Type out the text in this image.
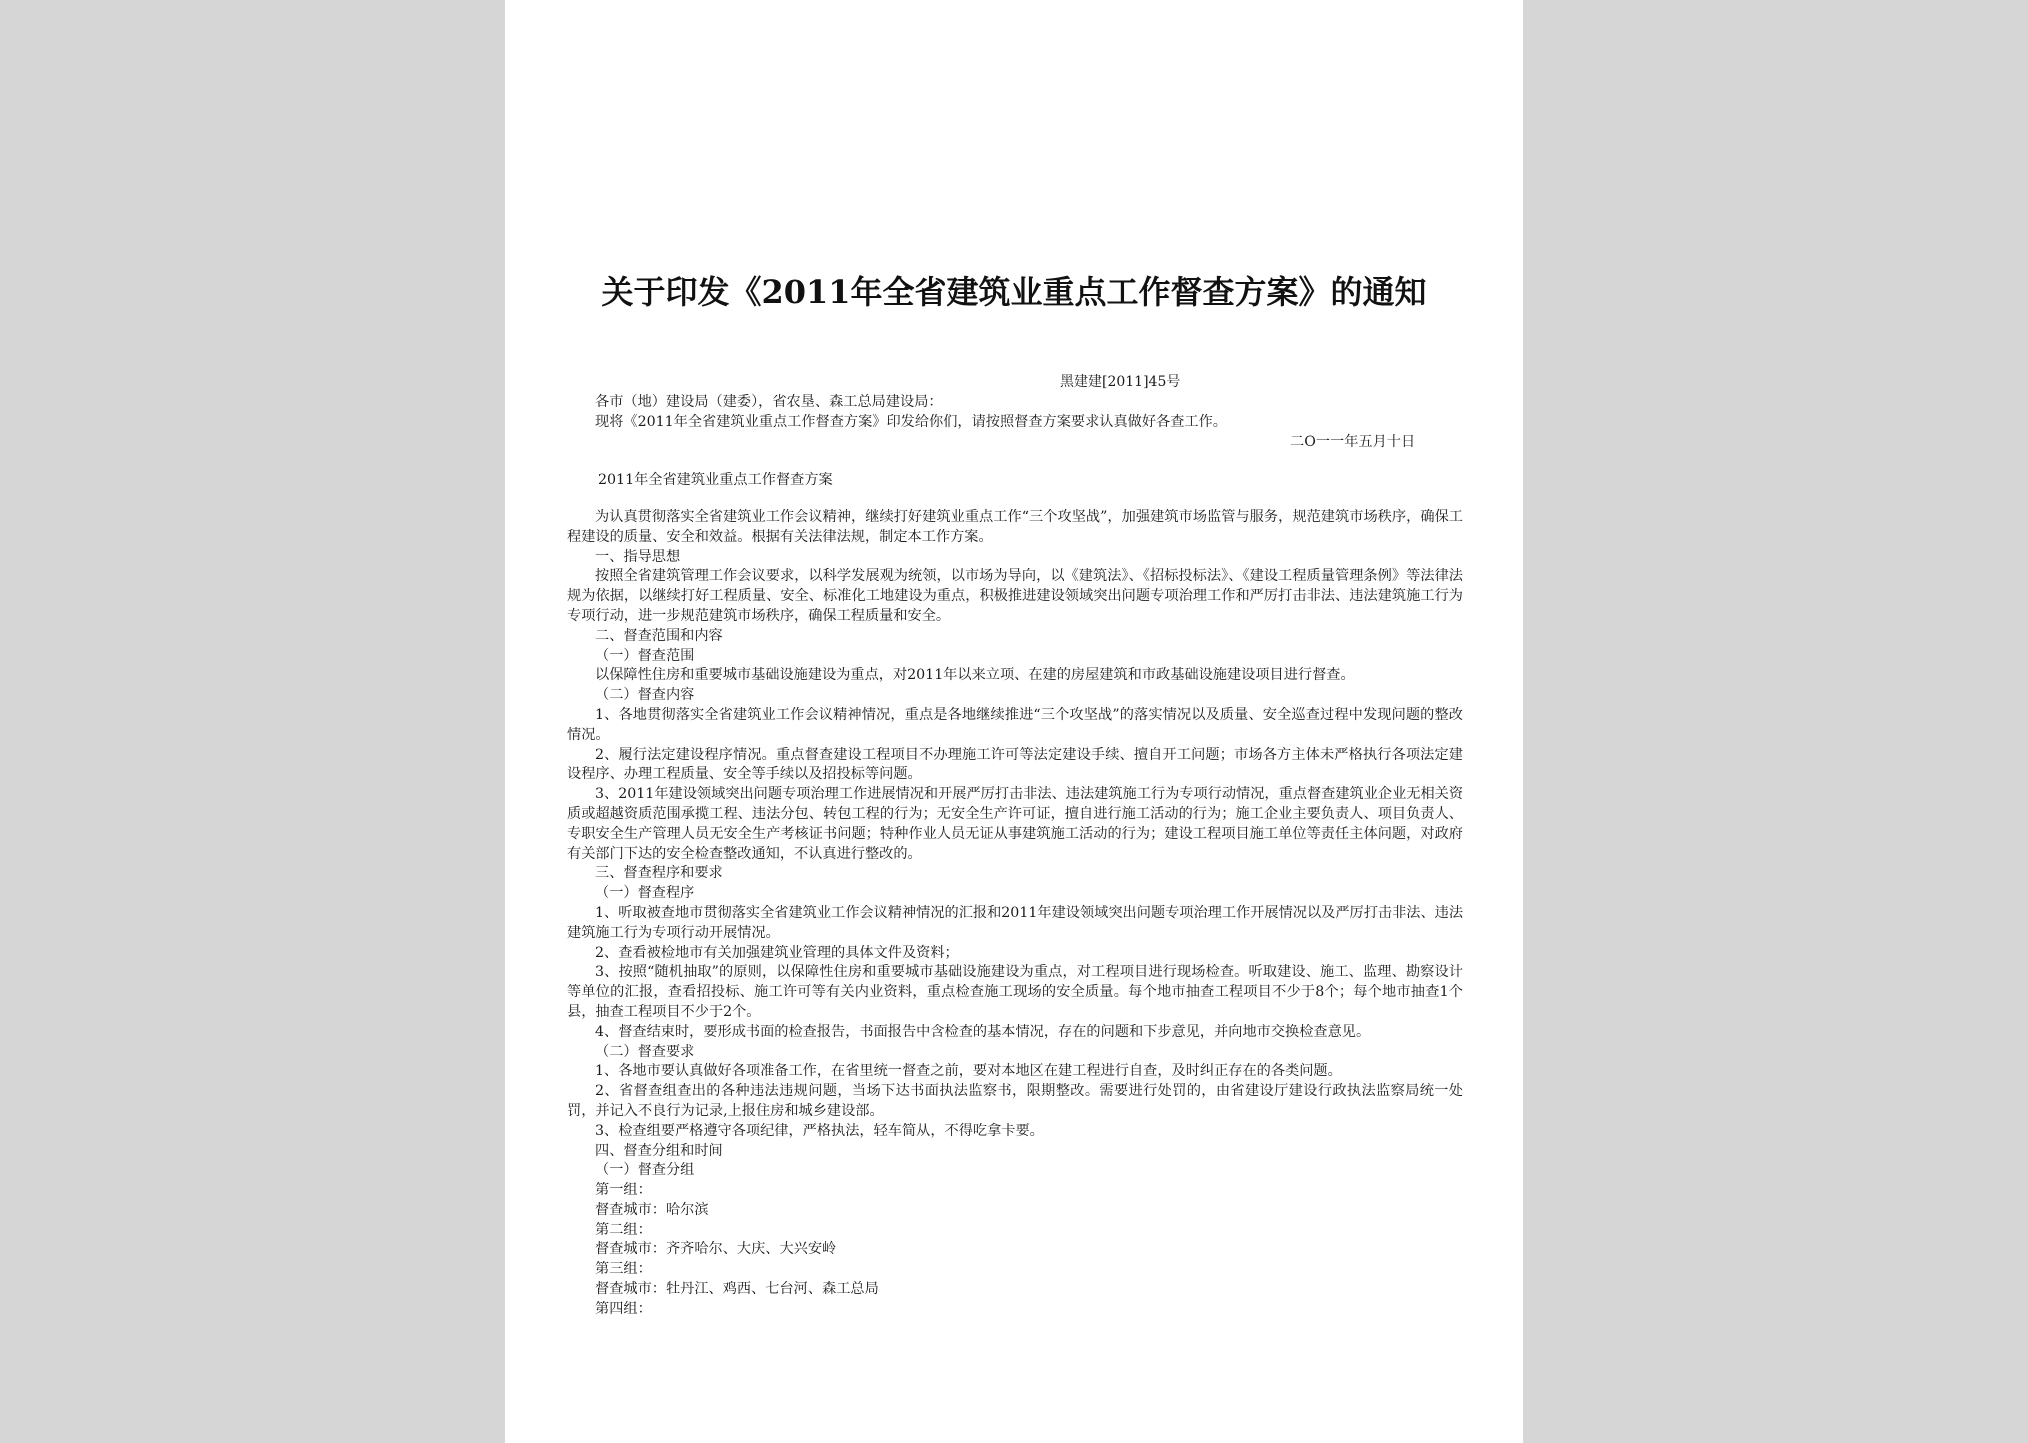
关于印发《2011年全省建筑业重点工作督查方案》的通知
黑建建[2011]45号
各市（地）建设局（建委），省农垦、森工总局建设局：
现将《2011年全省建筑业重点工作督查方案》印发给你们，请按照督查方案要求认真做好各查工作。
二O一一年五月十日
2011年全省建筑业重点工作督查方案

为认真贯彻落实全省建筑业工作会议精神，继续打好建筑业重点工作“三个攻坚战”，加强建筑市场监管与服务，规范建筑市场秩序，确保工程建设的质量、安全和效益。根据有关法律法规，制定本工作方案。

一、指导思想

按照全省建筑管理工作会议要求，以科学发展观为统领，以市场为导向，以《建筑法》、《招标投标法》、《建设工程质量管理条例》等法律法规为依据，以继续打好工程质量、安全、标准化工地建设为重点，积极推进建设领域突出问题专项治理工作和严厉打击非法、违法建筑施工行为专项行动，进一步规范建筑市场秩序，确保工程质量和安全。

二、督查范围和内容

（一）督查范围

以保障性住房和重要城市基础设施建设为重点，对2011年以来立项、在建的房屋建筑和市政基础设施建设项目进行督查。

（二）督查内容

1、各地贯彻落实全省建筑业工作会议精神情况，重点是各地继续推进“三个攻坚战”的落实情况以及质量、安全巡查过程中发现问题的整改情况。

2、履行法定建设程序情况。重点督查建设工程项目不办理施工许可等法定建设手续、擅自开工问题；市场各方主体未严格执行各项法定建设程序、办理工程质量、安全等手续以及招投标等问题。

3、2011年建设领域突出问题专项治理工作进展情况和开展严厉打击非法、违法建筑施工行为专项行动情况，重点督查建筑业企业无相关资质或超越资质范围承揽工程、违法分包、转包工程的行为；无安全生产许可证，擅自进行施工活动的行为；施工企业主要负责人、项目负责人、专职安全生产管理人员无安全生产考核证书问题；特种作业人员无证从事建筑施工活动的行为；建设工程项目施工单位等责任主体问题，对政府有关部门下达的安全检查整改通知，不认真进行整改的。

三、督查程序和要求

（一）督查程序

1、听取被查地市贯彻落实全省建筑业工作会议精神情况的汇报和2011年建设领域突出问题专项治理工作开展情况以及严厉打击非法、违法建筑施工行为专项行动开展情况。

2、查看被检地市有关加强建筑业管理的具体文件及资料；

3、按照“随机抽取”的原则，以保障性住房和重要城市基础设施建设为重点，对工程项目进行现场检查。听取建设、施工、监理、勘察设计等单位的汇报，查看招投标、施工许可等有关内业资料，重点检查施工现场的安全质量。每个地市抽查工程项目不少于8个；每个地市抽查1个县，抽查工程项目不少于2个。

4、督查结束时，要形成书面的检查报告，书面报告中含检查的基本情况，存在的问题和下步意见，并向地市交换检查意见。

（二）督查要求

1、各地市要认真做好各项准备工作，在省里统一督查之前，要对本地区在建工程进行自查，及时纠正存在的各类问题。

2、省督查组查出的各种违法违规问题，当场下达书面执法监察书，限期整改。需要进行处罚的，由省建设厅建设行政执法监察局统一处罚，并记入不良行为记录,上报住房和城乡建设部。

3、检查组要严格遵守各项纪律，严格执法，轻车简从，不得吃拿卡要。

四、督查分组和时间

（一）督查分组

第一组：

督查城市：哈尔滨

第二组：

督查城市：齐齐哈尔、大庆、大兴安岭

第三组：

督查城市：牡丹江、鸡西、七台河、森工总局

第四组：
